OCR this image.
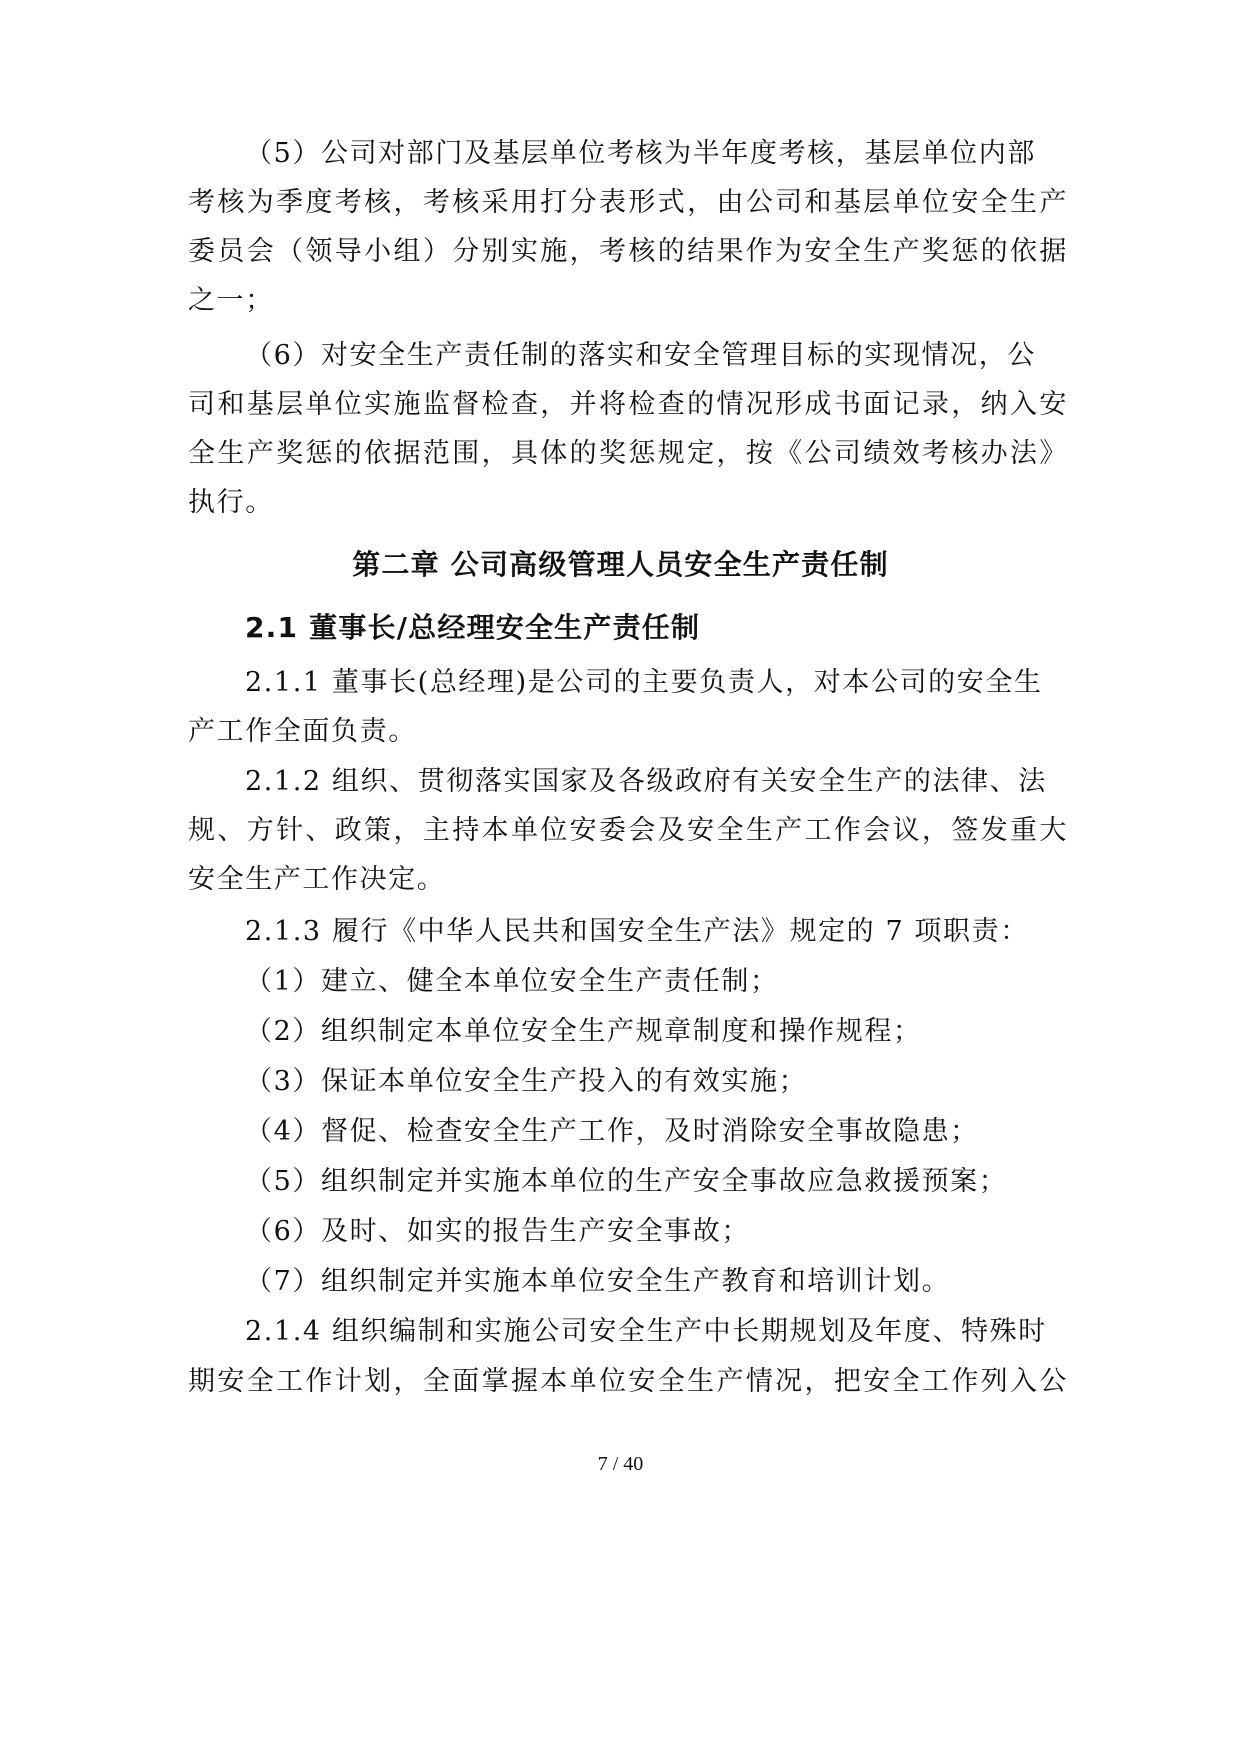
（5）公司对部门及基层单位考核为半年度考核，基层单位内部
考核为季度考核，考核采用打分表形式，由公司和基层单位安全生产
委员会（领导小组）分别实施，考核的结果作为安全生产奖惩的依据
之一；
（6）对安全生产责任制的落实和安全管理目标的实现情况，公
司和基层单位实施监督检查，并将检查的情况形成书面记录，纳入安
全生产奖惩的依据范围，具体的奖惩规定，按《公司绩效考核办法》
执行。
第二章 公司高级管理人员安全生产责任制
2.1 董事长/总经理安全生产责任制
2.1.1 董事长(总经理)是公司的主要负责人，对本公司的安全生
产工作全面负责。
2.1.2 组织、贯彻落实国家及各级政府有关安全生产的法律、法
规、方针、政策，主持本单位安委会及安全生产工作会议，签发重大
安全生产工作决定。
2.1.3 履行《中华人民共和国安全生产法》规定的 7 项职责：
（1）建立、健全本单位安全生产责任制；
（2）组织制定本单位安全生产规章制度和操作规程；
（3）保证本单位安全生产投入的有效实施；
（4）督促、检查安全生产工作，及时消除安全事故隐患；
（5）组织制定并实施本单位的生产安全事故应急救援预案；
（6）及时、如实的报告生产安全事故；
（7）组织制定并实施本单位安全生产教育和培训计划。
2.1.4 组织编制和实施公司安全生产中长期规划及年度、特殊时
期安全工作计划，全面掌握本单位安全生产情况，把安全工作列入公
7 / 40
